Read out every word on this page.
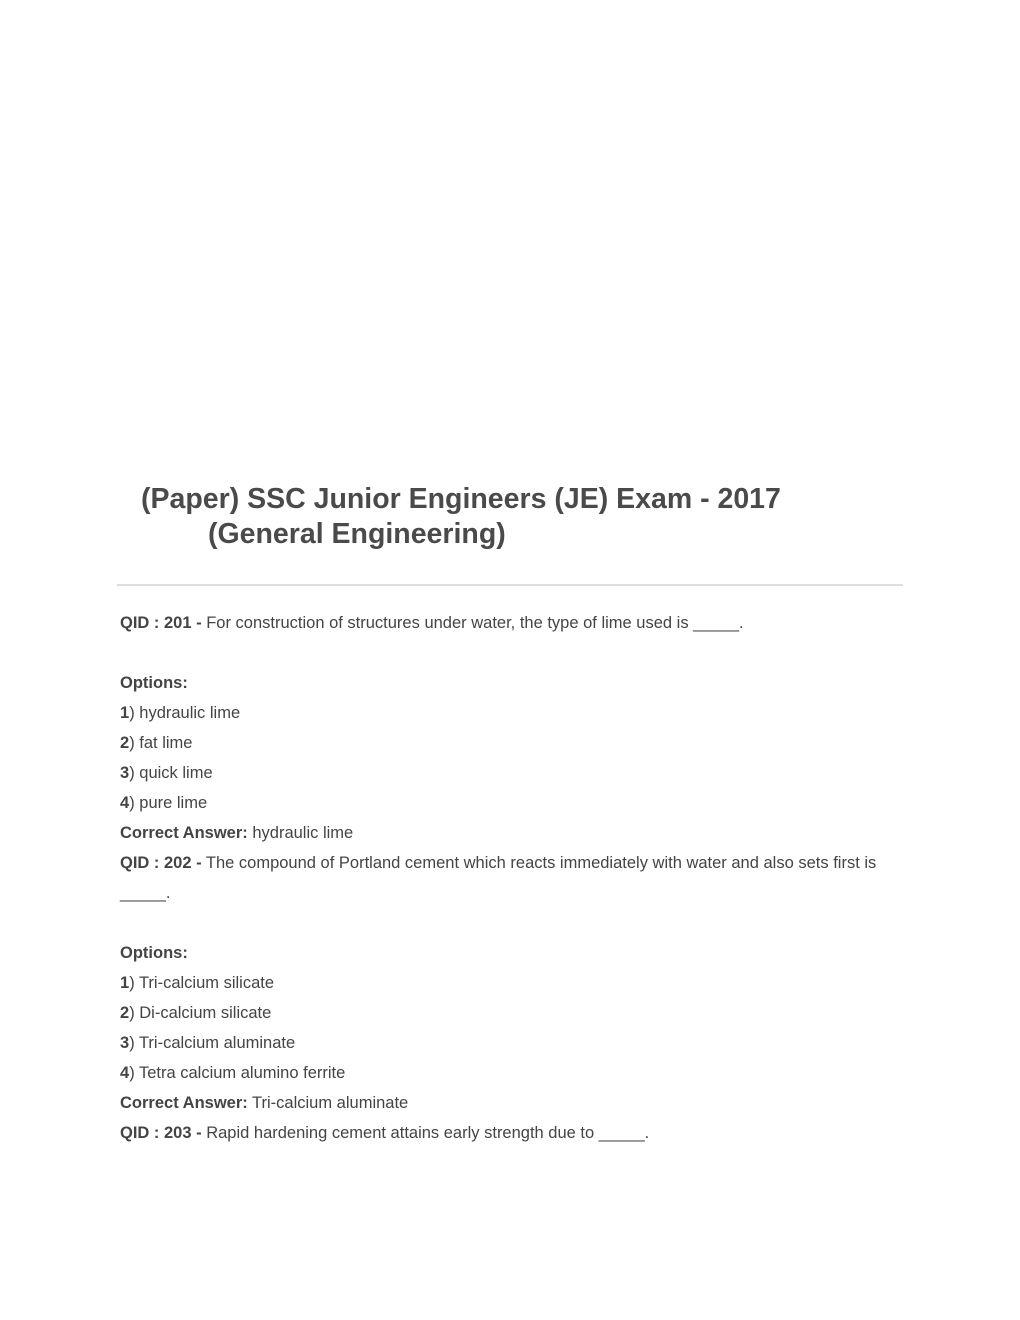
(Paper) SSC Junior Engineers (JE) Exam - 2017
(General Engineering)
QID : 201 - For construction of structures under water, the type of lime used is _____.
Options:
1) hydraulic lime
2) fat lime
3) quick lime
4) pure lime
Correct Answer: hydraulic lime
QID : 202 - The compound of Portland cement which reacts immediately with water and also sets first is _____.
Options:
1) Tri-calcium silicate
2) Di-calcium silicate
3) Tri-calcium aluminate
4) Tetra calcium alumino ferrite
Correct Answer: Tri-calcium aluminate
QID : 203 - Rapid hardening cement attains early strength due to _____.
